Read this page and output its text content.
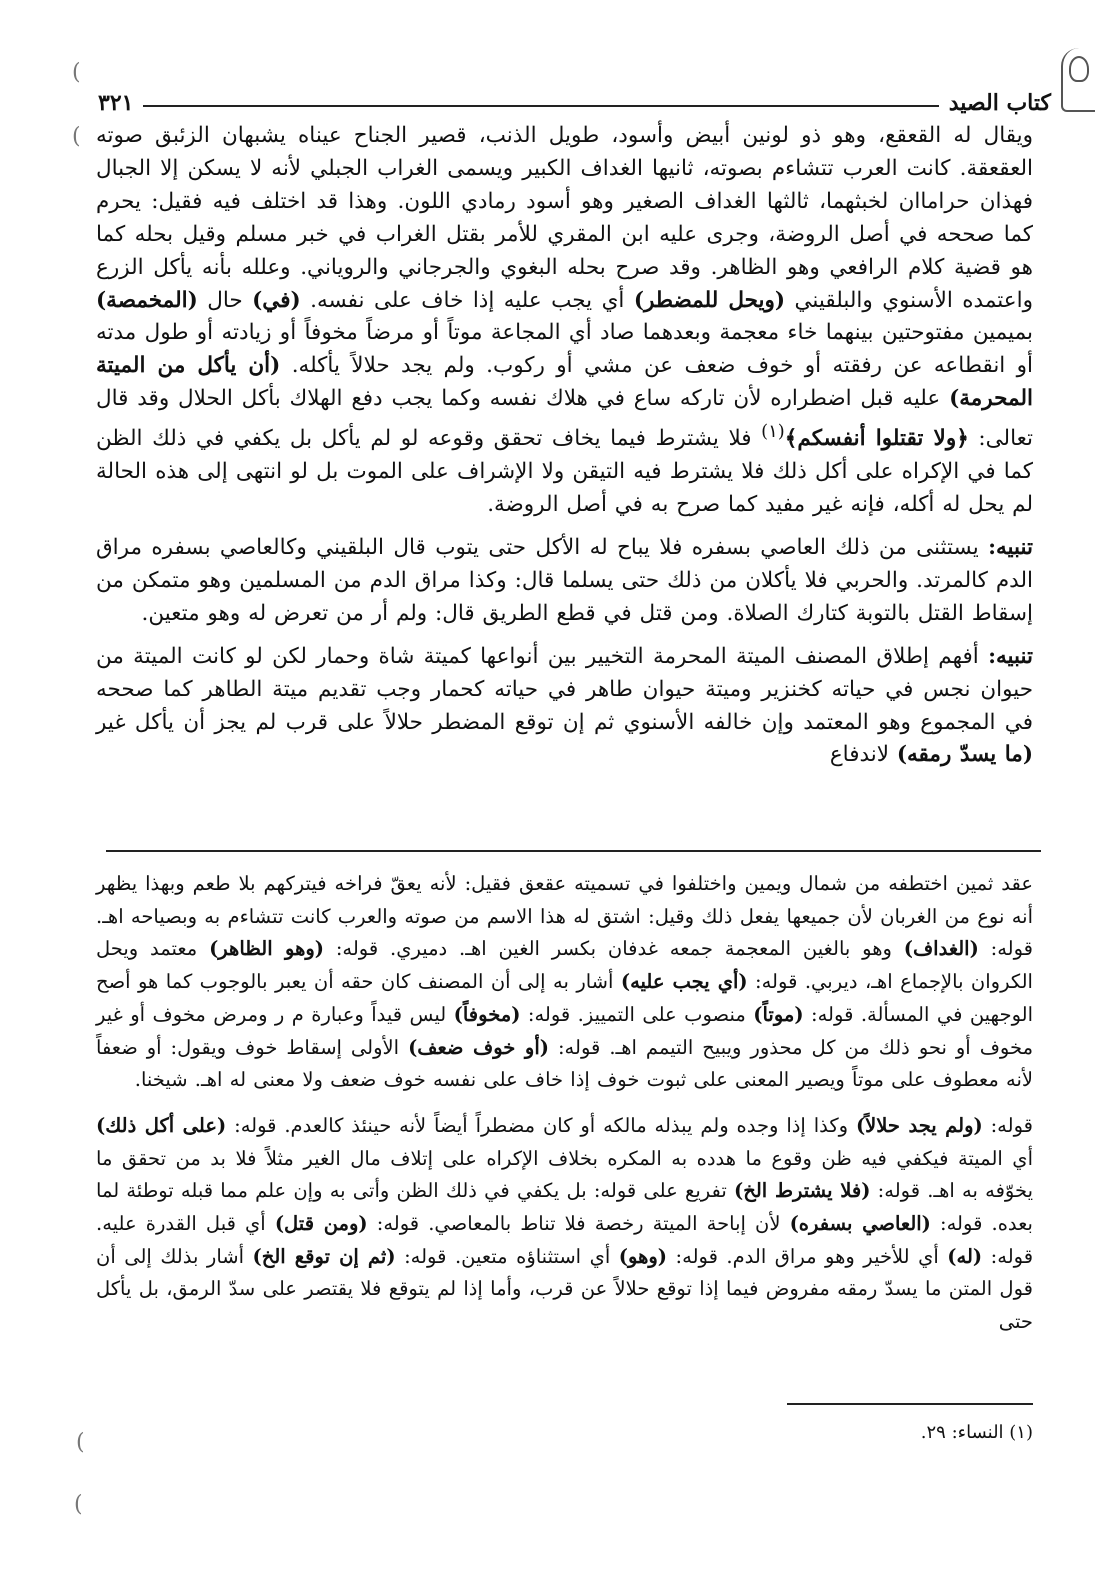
(
(
(
(
كتاب الصيد
٣٢١

ويقال له القعقع، وهو ذو لونين أبيض وأسود، طويل الذنب، قصير الجناح عيناه يشبهان الزئبق صوته العقعقة. كانت العرب تتشاءم بصوته، ثانيها الغداف الكبير ويسمى الغراب الجبلي لأنه لا يسكن إلا الجبال فهذان حراماان لخبثهما، ثالثها الغداف الصغير وهو أسود رمادي اللون. وهذا قد اختلف فيه فقيل: يحرم كما صححه في أصل الروضة، وجرى عليه ابن المقري للأمر بقتل الغراب في خبر مسلم وقيل بحله كما هو قضية كلام الرافعي وهو الظاهر. وقد صرح بحله البغوي والجرجاني والروياني. وعلله بأنه يأكل الزرع واعتمده الأسنوي والبلقيني (ويحل للمضطر) أي يجب عليه إذا خاف على نفسه. (في) حال (المخمصة) بميمين مفتوحتين بينهما خاء معجمة وبعدهما صاد أي المجاعة موتاً أو مرضاً مخوفاً أو زيادته أو طول مدته أو انقطاعه عن رفقته أو خوف ضعف عن مشي أو ركوب. ولم يجد حلالاً يأكله. (أن يأكل من الميتة المحرمة) عليه قبل اضطراره لأن تاركه ساع في هلاك نفسه وكما يجب دفع الهلاك بأكل الحلال وقد قال تعالى: ﴿ولا تقتلوا أنفسكم﴾$^{(١)}$ فلا يشترط فيما يخاف تحقق وقوعه لو لم يأكل بل يكفي في ذلك الظن كما في الإكراه على أكل ذلك فلا يشترط فيه التيقن ولا الإشراف على الموت بل لو انتهى إلى هذه الحالة لم يحل له أكله، فإنه غير مفيد كما صرح به في أصل الروضة.

تنبيه: يستثنى من ذلك العاصي بسفره فلا يباح له الأكل حتى يتوب قال البلقيني وكالعاصي بسفره مراق الدم كالمرتد. والحربي فلا يأكلان من ذلك حتى يسلما قال: وكذا مراق الدم من المسلمين وهو متمكن من إسقاط القتل بالتوبة كتارك الصلاة. ومن قتل في قطع الطريق قال: ولم أر من تعرض له وهو متعين.

تنبيه: أفهم إطلاق المصنف الميتة المحرمة التخيير بين أنواعها كميتة شاة وحمار لكن لو كانت الميتة من حيوان نجس في حياته كخنزير وميتة حيوان طاهر في حياته كحمار وجب تقديم ميتة الطاهر كما صححه في المجموع وهو المعتمد وإن خالفه الأسنوي ثم إن توقع المضطر حلالاً على قرب لم يجز أن يأكل غير (ما يسدّ رمقه) لاندفاع

عقد ثمين اختطفه من شمال ويمين واختلفوا في تسميته عقعق فقيل: لأنه يعقّ فراخه فيتركهم بلا طعم وبهذا يظهر أنه نوع من الغربان لأن جميعها يفعل ذلك وقيل: اشتق له هذا الاسم من صوته والعرب كانت تتشاءم به وبصياحه اهـ. قوله: (الغداف) وهو بالغين المعجمة جمعه غدفان بكسر الغين اهـ. دميري. قوله: (وهو الظاهر) معتمد ويحل الكروان بالإجماع اهـ، ديربي. قوله: (أي يجب عليه) أشار به إلى أن المصنف كان حقه أن يعبر بالوجوب كما هو أصح الوجهين في المسألة. قوله: (موتاً) منصوب على التمييز. قوله: (مخوفاً) ليس قيداً وعبارة م ر ومرض مخوف أو غير مخوف أو نحو ذلك من كل محذور ويبيح التيمم اهـ. قوله: (أو خوف ضعف) الأولى إسقاط خوف ويقول: أو ضعفاً لأنه معطوف على موتاً ويصير المعنى على ثبوت خوف إذا خاف على نفسه خوف ضعف ولا معنى له اهـ. شيخنا.

قوله: (ولم يجد حلالاً) وكذا إذا وجده ولم يبذله مالكه أو كان مضطراً أيضاً لأنه حينئذ كالعدم. قوله: (على أكل ذلك) أي الميتة فيكفي فيه ظن وقوع ما هدده به المكره بخلاف الإكراه على إتلاف مال الغير مثلاً فلا بد من تحقق ما يخوّفه به اهـ. قوله: (فلا يشترط الخ) تفريع على قوله: بل يكفي في ذلك الظن وأتى به وإن علم مما قبله توطئة لما بعده. قوله: (العاصي بسفره) لأن إباحة الميتة رخصة فلا تناط بالمعاصي. قوله: (ومن قتل) أي قبل القدرة عليه. قوله: (له) أي للأخير وهو مراق الدم. قوله: (وهو) أي استثناؤه متعين. قوله: (ثم إن توقع الخ) أشار بذلك إلى أن قول المتن ما يسدّ رمقه مفروض فيما إذا توقع حلالاً عن قرب، وأما إذا لم يتوقع فلا يقتصر على سدّ الرمق، بل يأكل حتى

(١) النساء: ٢٩.
